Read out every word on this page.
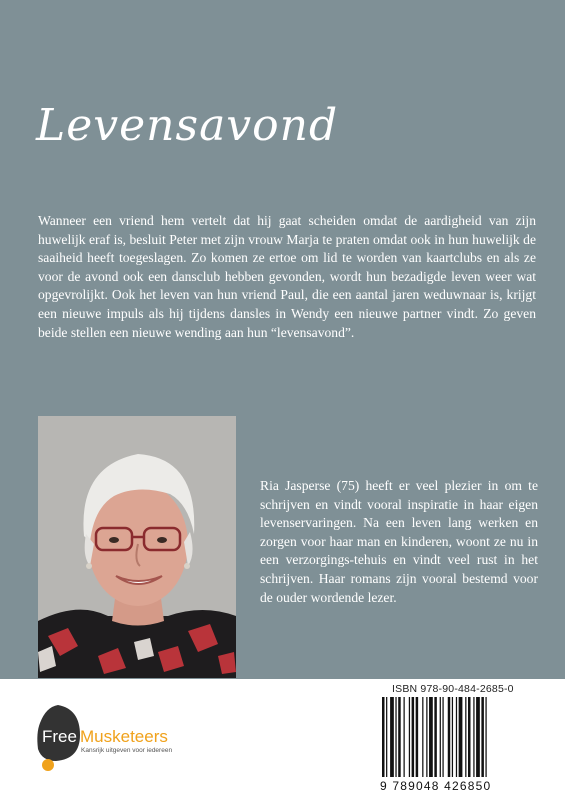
Levensavond

Wanneer een vriend hem vertelt dat hij gaat scheiden omdat de aardigheid van zijn huwelijk eraf is, besluit Peter met zijn vrouw Marja te praten omdat ook in hun huwelijk de saaiheid heeft toegeslagen. Zo komen ze ertoe om lid te worden van kaartclubs en als ze voor de avond ook een dansclub hebben gevonden, wordt hun bezadigde leven weer wat opgevrolijkt. Ook het leven van hun vriend Paul, die een aantal jaren weduwnaar is, krijgt een nieuwe impuls als hij tijdens dansles in Wendy een nieuwe partner vindt. Zo geven beide stellen een nieuwe wending aan hun “levensavond”.

Ria Jasperse (75) heeft er veel plezier in om te schrijven en vindt vooral inspiratie in haar eigen levenservaringen. Na een leven lang werken en zorgen voor haar man en kinderen, woont ze nu in een verzorgings-tehuis en vindt veel rust in het schrijven. Haar romans zijn vooral bestemd voor de ouder wordende lezer.

Free Musketeers
Kansrijk uitgeven voor iedereen
ISBN 978-90-484-2685-0
9 789048 426850
